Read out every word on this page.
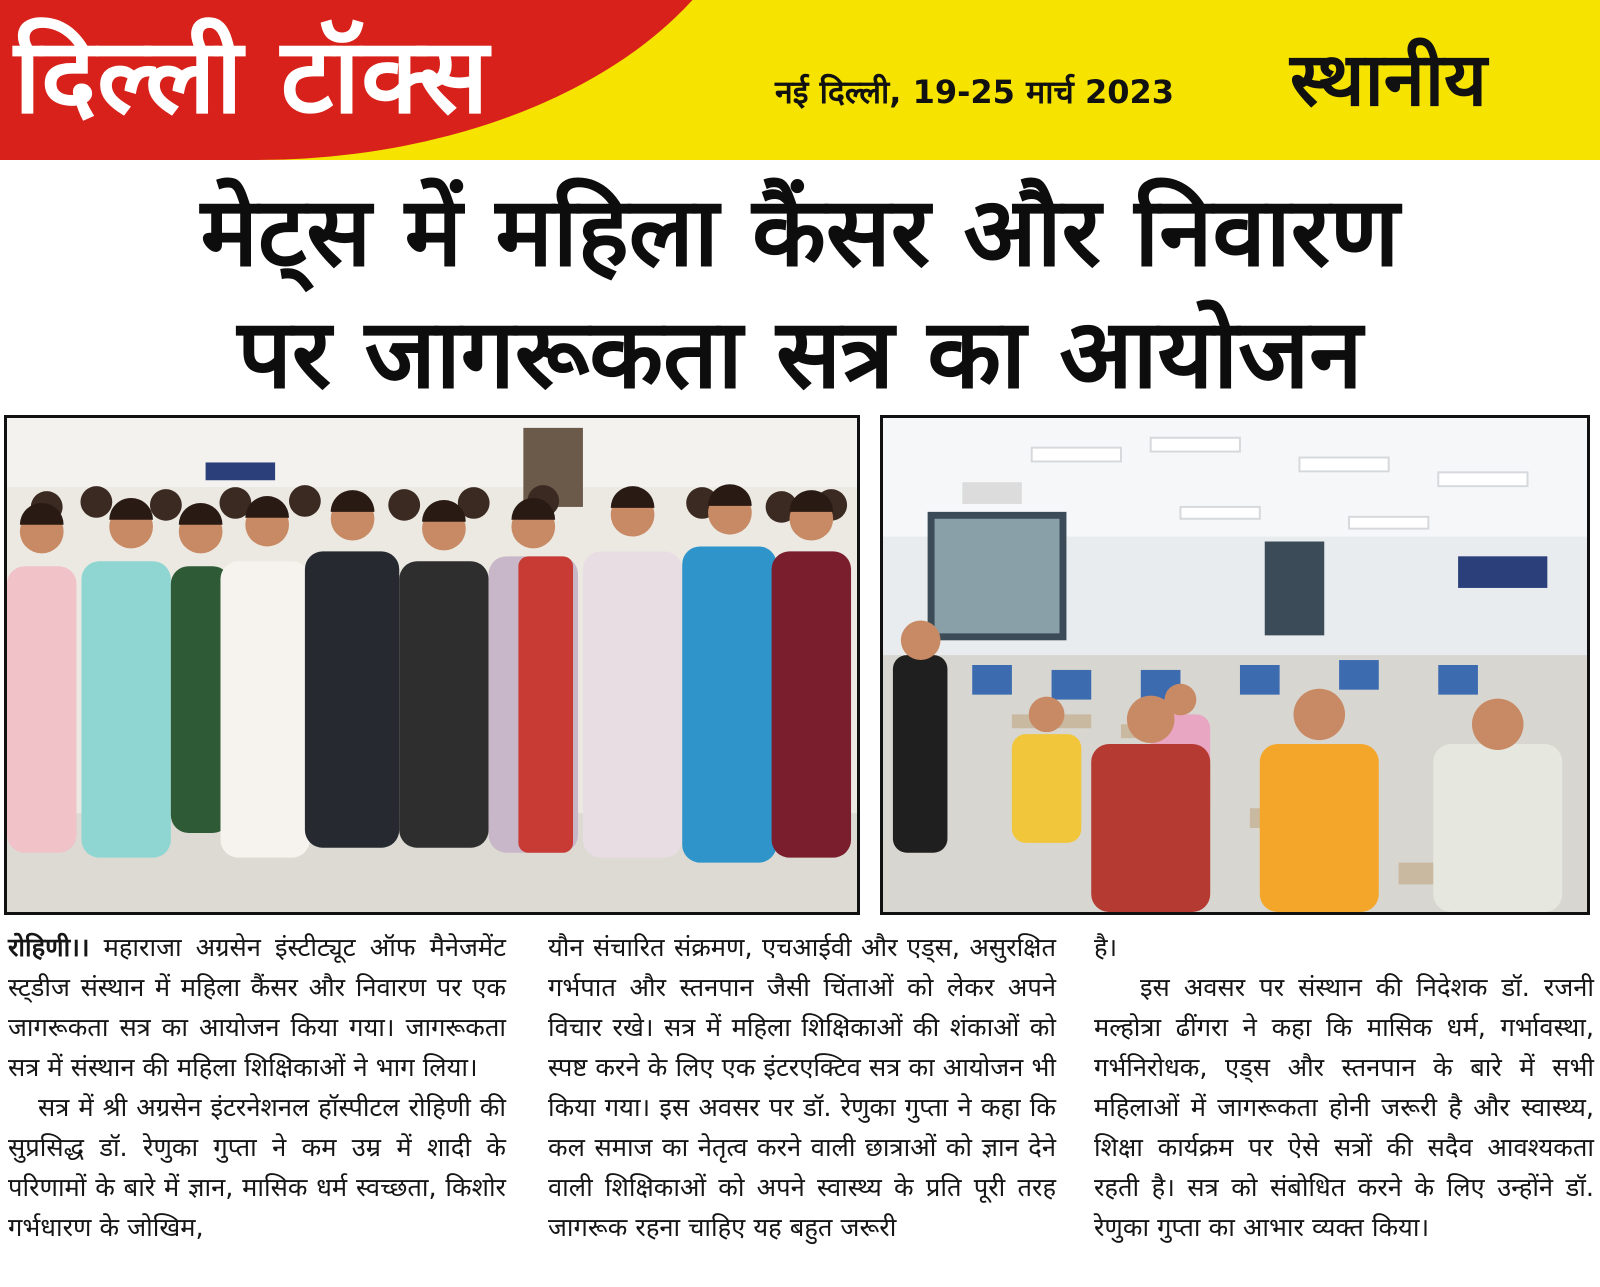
दिल्ली टॉक्स	नई दिल्ली, 19-25 मार्च 2023 स्थानीय
मेट्स में महिला कैंसर और निवारण
पर जागरूकता सत्र का आयोजन

रोहिणी।। महाराजा अग्रसेन इंस्टीट्यूट ऑफ मैनेजमेंट स्ट्डीज संस्थान में महिला कैंसर और निवारण पर एक जागरूकता सत्र का आयोजन किया गया। जागरूकता सत्र में संस्थान की महिला शिक्षिकाओं ने भाग लिया।

सत्र में श्री अग्रसेन इंटरनेशनल हॉस्पीटल रोहिणी की सुप्रसिद्ध डॉ. रेणुका गुप्ता ने कम उम्र में शादी के परिणामों के बारे में ज्ञान, मासिक धर्म स्वच्छता, किशोर गर्भधारण के जोखिम,

यौन संचारित संक्रमण, एचआईवी और एड्स, असुरक्षित गर्भपात और स्तनपान जैसी चिंताओं को लेकर अपने विचार रखे। सत्र में महिला शिक्षिकाओं की शंकाओं को स्पष्ट करने के लिए एक इंटरएक्टिव सत्र का आयोजन भी किया गया। इस अवसर पर डॉ. रेणुका गुप्ता ने कहा कि कल समाज का नेतृत्व करने वाली छात्राओं को ज्ञान देने वाली शिक्षिकाओं को अपने स्वास्थ्य के प्रति पूरी तरह जागरूक रहना चाहिए यह बहुत जरूरी

है।

इस अवसर पर संस्थान की निदेशक डॉ. रजनी मल्होत्रा ढींगरा ने कहा कि मासिक धर्म, गर्भावस्था, गर्भनिरोधक, एड्स और स्तनपान के बारे में सभी महिलाओं में जागरूकता होनी जरूरी है और स्वास्थ्य, शिक्षा कार्यक्रम पर ऐसे सत्रों की सदैव आवश्यकता रहती है। सत्र को संबोधित करने के लिए उन्होंने डॉ. रेणुका गुप्ता का आभार व्यक्त किया।
